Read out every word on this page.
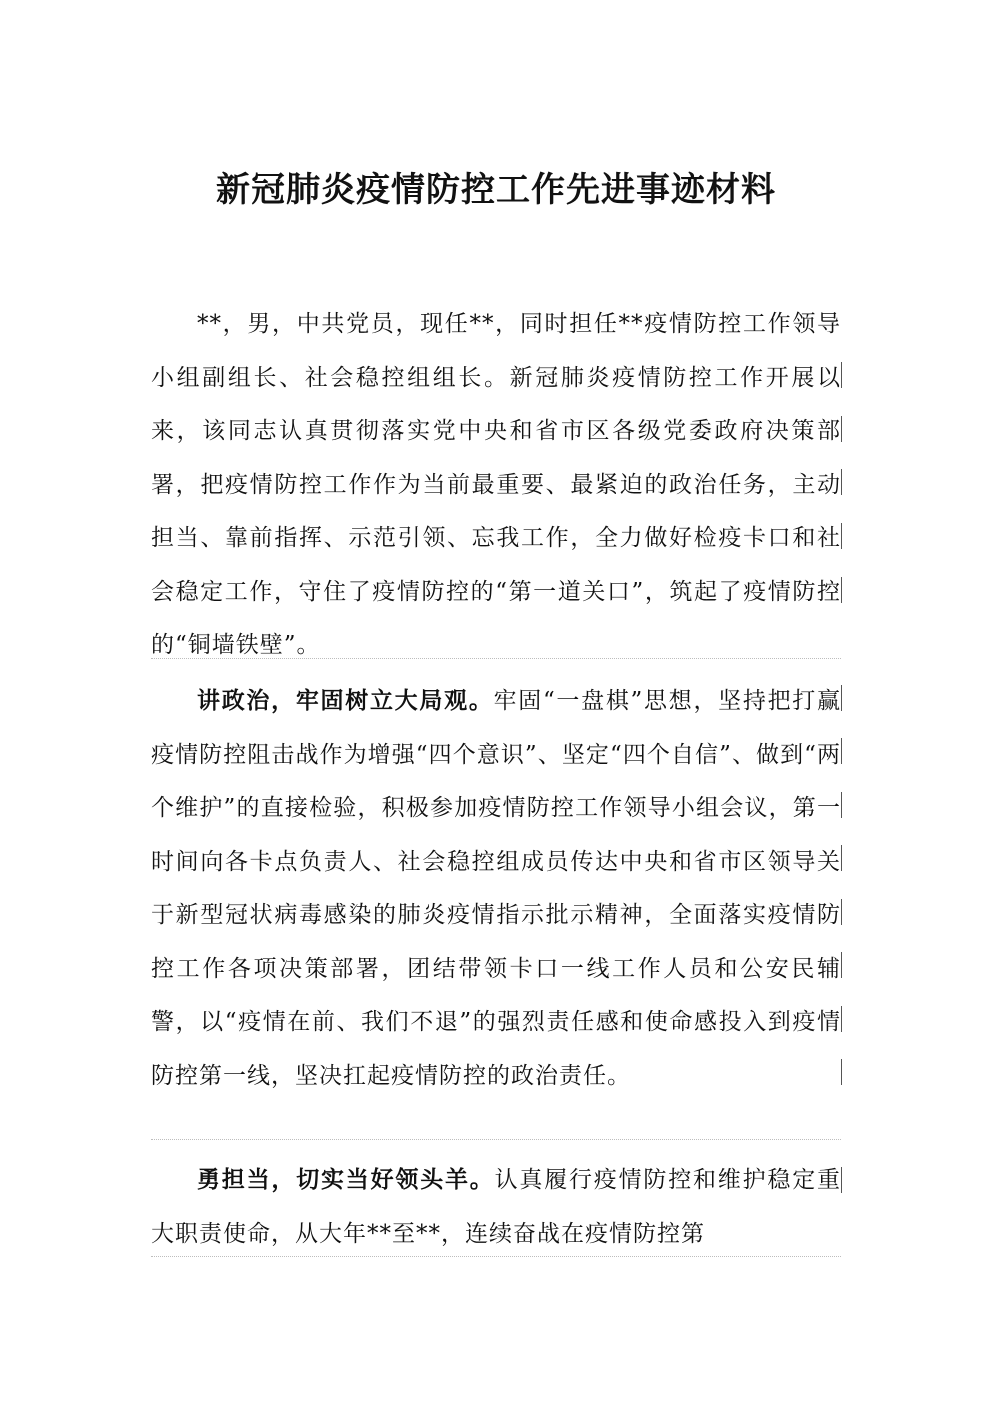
新冠肺炎疫情防控工作先进事迹材料

**，男，中共党员，现任**，同时担任**疫情防控工作领导小组副组长、社会稳控组组长。新冠肺炎疫情防控工作开展以来，该同志认真贯彻落实党中央和省市区各级党委政府决策部署，把疫情防控工作作为当前最重要、最紧迫的政治任务，主动担当、靠前指挥、示范引领、忘我工作，全力做好检疫卡口和社会稳定工作，守住了疫情防控的“第一道关口”，筑起了疫情防控的“铜墙铁壁”。

讲政治，牢固树立大局观。牢固“一盘棋”思想，坚持把打赢疫情防控阻击战作为增强“四个意识”、坚定“四个自信”、做到“两个维护”的直接检验，积极参加疫情防控工作领导小组会议，第一时间向各卡点负责人、社会稳控组成员传达中央和省市区领导关于新型冠状病毒感染的肺炎疫情指示批示精神，全面落实疫情防控工作各项决策部署，团结带领卡口一线工作人员和公安民辅警，以“疫情在前、我们不退”的强烈责任感和使命感投入到疫情防控第一线，坚决扛起疫情防控的政治责任。

勇担当，切实当好领头羊。认真履行疫情防控和维护稳定重大职责使命，从大年**至**，连续奋战在疫情防控第
